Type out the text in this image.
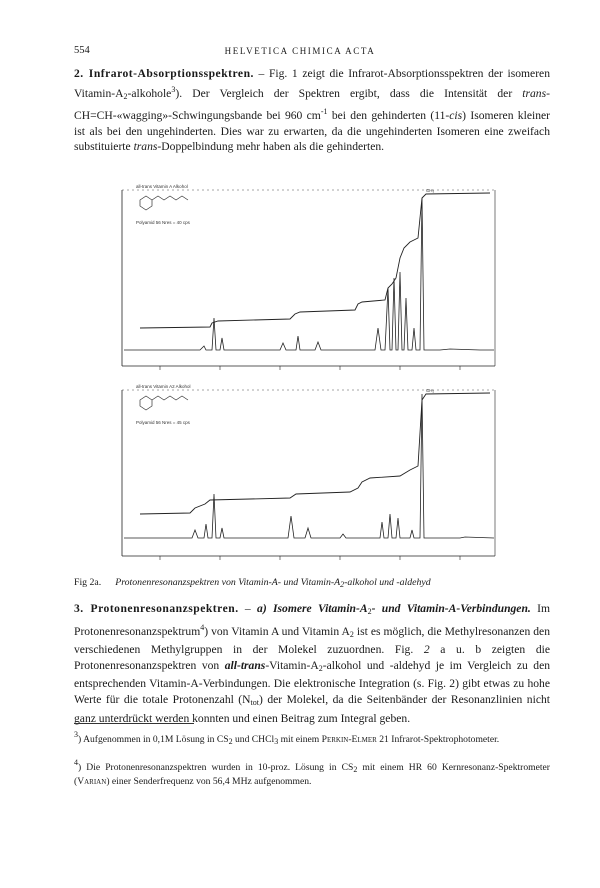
554	HELVETICA CHIMICA ACTA

2. Infrarot-Absorptionsspektren. – Fig. 1 zeigt die Infrarot-Absorptionsspektren der isomeren Vitamin-$A_2-alkohole^3$). Der Vergleich der Spektren ergibt, dass die Intensität der trans-CH=CH-«wagging»-Schwingungsbande bei 960 $cm^{-1}$ bei den gehinderten (11-cis) Isomeren kleiner ist als bei den ungehinderten. Dies war zu erwarten, da die ungehinderten Isomeren eine zweifach substituierte trans-Doppelbindung mehr haben als die gehinderten.

all-trans Vitamin A Alkohol
Polyamid 56 Nres = 40 cps
CH₃
all-trans Vitamin A2 Alkohol
Polyamid 56 Nres = 45 cps
CH₂
Fig 2a. Protonenresonanzspektren von Vitamin-A- und Vitamin-$A_2$-alkohol und -aldehyd

3. Protonenresonanzspektren. – a) Isomere Vitamin-$A_2-$ und Vitamin-A-Verbindungen. Im Protonenresonanzspektrum$^4$) von Vitamin A und Vitamin $A_2$ ist es möglich, die Methylresonanzen den verschiedenen Methylgruppen in der Molekel zuzuordnen. Fig. 2 a u. b zeigten die Protonenresonanzspektren von all-$trans-Vitamin-A_2$-alkohol und -aldehyd je im Vergleich zu den entsprechenden Vitamin-A-Verbindungen. Die elektronische Integration (s. Fig. 2) gibt etwas zu hohe Werte für die totale Protonenzahl $(N_{tot})$ der Molekel, da die Seitenbänder der Resonanzlinien nicht ganz unterdrückt werden konnten und einen Beitrag zum Integral geben.

$^3$) Aufgenommen in 0,1M Lösung in $CS_2$ und CHCl$_3$ mit einem Perkin-Elmer 21 Infrarot-Spektrophotometer.

$^4$) Die Protonenresonanzspektren wurden in 10-proz. Lösung in $CS_2$ mit einem HR 60 Kernresonanz-Spektrometer (Varian) einer Senderfrequenz von 56,4 MHz aufgenommen.
